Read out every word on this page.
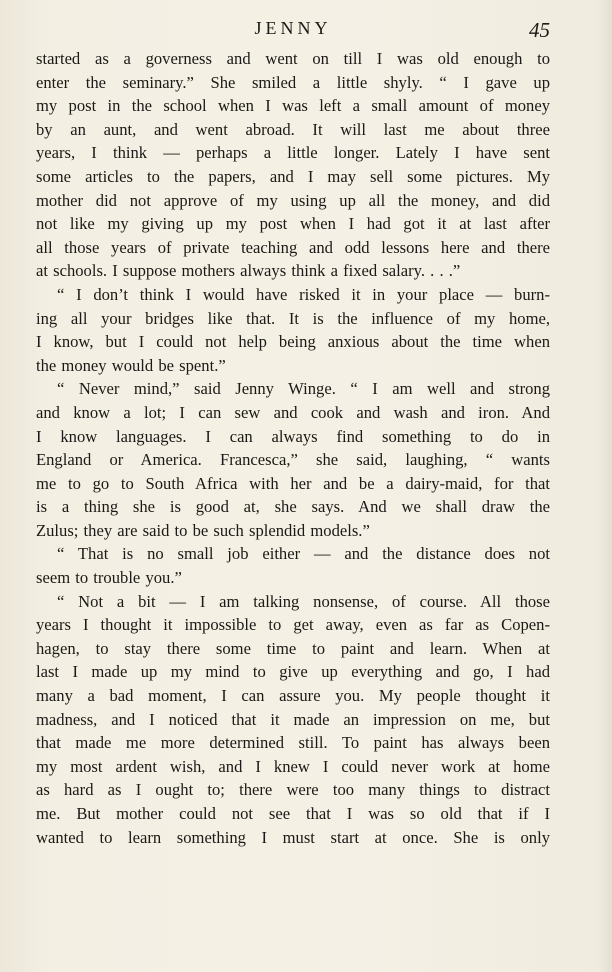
JENNY	45
started as a governess and went on till I was old enough to
enter the seminary.” She smiled a little shyly. “ I gave up
my post in the school when I was left a small amount of money
by an aunt, and went abroad. It will last me about three
years, I think — perhaps a little longer. Lately I have sent
some articles to the papers, and I may sell some pictures. My
mother did not approve of my using up all the money, and did
not like my giving up my post when I had got it at last after
all those years of private teaching and odd lessons here and there
at schools. I suppose mothers always think a fixed salary. . . .”
“ I don’t think I would have risked it in your place — burn-
ing all your bridges like that. It is the influence of my home,
I know, but I could not help being anxious about the time when
the money would be spent.”
“ Never mind,” said Jenny Winge. “ I am well and strong
and know a lot; I can sew and cook and wash and iron. And
I know languages. I can always find something to do in
England or America. Francesca,” she said, laughing, “ wants
me to go to South Africa with her and be a dairy-maid, for that
is a thing she is good at, she says. And we shall draw the
Zulus; they are said to be such splendid models.”
“ That is no small job either — and the distance does not
seem to trouble you.”
“ Not a bit — I am talking nonsense, of course. All those
years I thought it impossible to get away, even as far as Copen-
hagen, to stay there some time to paint and learn. When at
last I made up my mind to give up everything and go, I had
many a bad moment, I can assure you. My people thought it
madness, and I noticed that it made an impression on me, but
that made me more determined still. To paint has always been
my most ardent wish, and I knew I could never work at home
as hard as I ought to; there were too many things to distract
me. But mother could not see that I was so old that if I
wanted to learn something I must start at once. She is only
